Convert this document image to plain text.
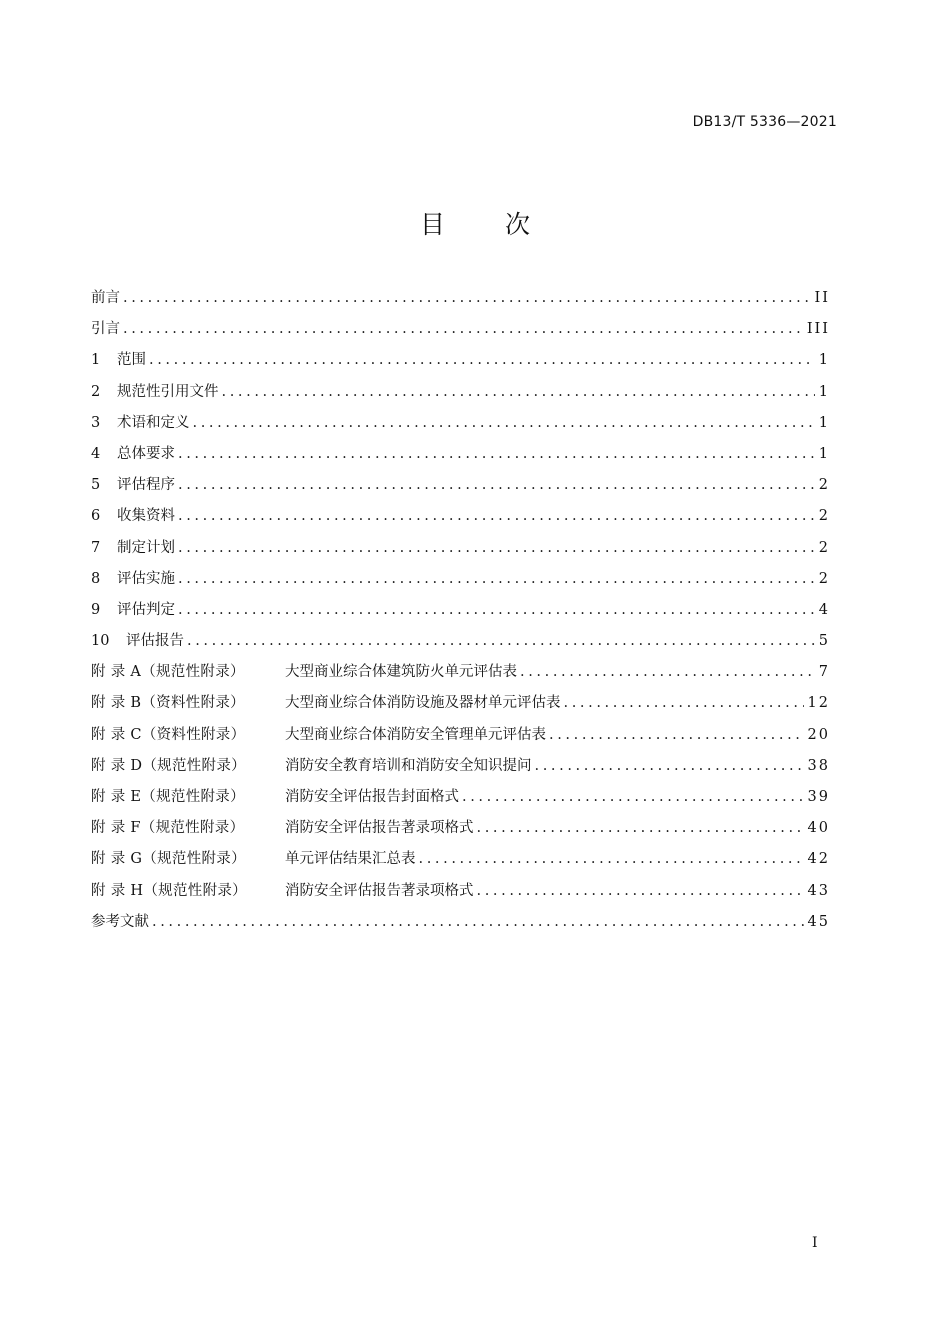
DB13/T 5336—2021
目 次
前言 .....	II
引言 .....	III
1	范围 .....	1
2	规范性引用文件 .....	1
3	术语和定义 .....	1
4	总体要求 .....	1
5	评估程序 .....	2
6	收集资料 .....	2
7	制定计划 .....	2
8	评估实施 .....	2
9	评估判定 .....	4
10	评估报告 .....	5
附 录 A（规范性附录）	大型商业综合体建筑防火单元评估表 .....	7
附 录 B（资料性附录）	大型商业综合体消防设施及器材单元评估表 .....	12
附 录 C（资料性附录）	大型商业综合体消防安全管理单元评估表 .....	20
附 录 D（规范性附录）	消防安全教育培训和消防安全知识提问 .....	38
附 录 E（规范性附录）	消防安全评估报告封面格式 .....	39
附 录 F（规范性附录）	消防安全评估报告著录项格式 .....	40
附 录 G（规范性附录）	单元评估结果汇总表 .....	42
附 录 H（规范性附录）	消防安全评估报告著录项格式 .....	43
参考文献 .....	45
I
